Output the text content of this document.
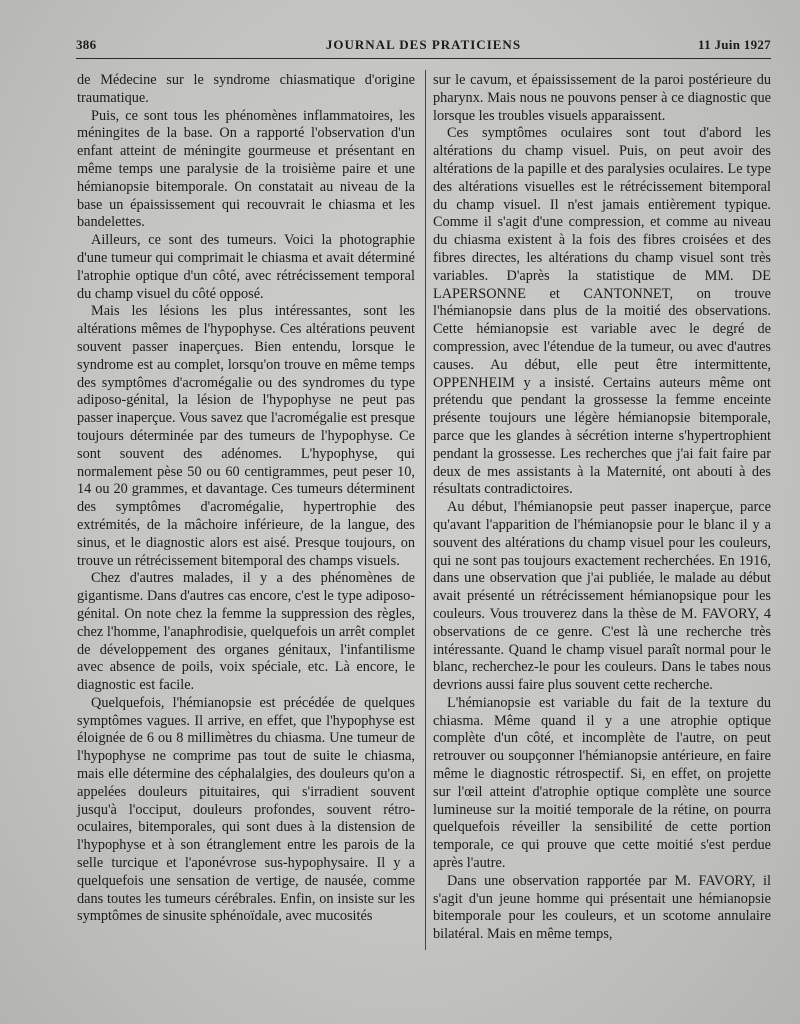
386	JOURNAL DES PRATICIENS	11 Juin 1927

de Médecine sur le syndrome chiasmatique d'origine traumatique.

Puis, ce sont tous les phénomènes inflammatoires, les méningites de la base. On a rapporté l'observation d'un enfant atteint de méningite gourmeuse et présentant en même temps une paralysie de la troisième paire et une hémianopsie bitemporale. On constatait au niveau de la base un épaississement qui recouvrait le chiasma et les bandelettes.

Ailleurs, ce sont des tumeurs. Voici la photographie d'une tumeur qui comprimait le chiasma et avait déterminé l'atrophie optique d'un côté, avec rétrécissement temporal du champ visuel du côté opposé.

Mais les lésions les plus intéressantes, sont les altérations mêmes de l'hypophyse. Ces altérations peuvent souvent passer inaperçues. Bien entendu, lorsque le syndrome est au complet, lorsqu'on trouve en même temps des symptômes d'acromégalie ou des syndromes du type adiposo-génital, la lésion de l'hypophyse ne peut pas passer inaperçue. Vous savez que l'acromégalie est presque toujours déterminée par des tumeurs de l'hypophyse. Ce sont souvent des adénomes. L'hypophyse, qui normalement pèse 50 ou 60 centigrammes, peut peser 10, 14 ou 20 grammes, et davantage. Ces tumeurs déterminent des symptômes d'acromégalie, hypertrophie des extrémités, de la mâchoire inférieure, de la langue, des sinus, et le diagnostic alors est aisé. Presque toujours, on trouve un rétrécissement bitemporal des champs visuels.

Chez d'autres malades, il y a des phénomènes de gigantisme. Dans d'autres cas encore, c'est le type adiposo-génital. On note chez la femme la suppression des règles, chez l'homme, l'anaphrodisie, quelquefois un arrêt complet de développement des organes génitaux, l'infantilisme avec absence de poils, voix spéciale, etc. Là encore, le diagnostic est facile.

Quelquefois, l'hémianopsie est précédée de quelques symptômes vagues. Il arrive, en effet, que l'hypophyse est éloignée de 6 ou 8 millimètres du chiasma. Une tumeur de l'hypophyse ne comprime pas tout de suite le chiasma, mais elle détermine des céphalalgies, des douleurs qu'on a appelées douleurs pituitaires, qui s'irradient souvent jusqu'à l'occiput, douleurs profondes, souvent rétro-oculaires, bitemporales, qui sont dues à la distension de l'hypophyse et à son étranglement entre les parois de la selle turcique et l'aponévrose sus-hypophysaire. Il y a quelquefois une sensation de vertige, de nausée, comme dans toutes les tumeurs cérébrales. Enfin, on insiste sur les symptômes de sinusite sphénoïdale, avec mucosités

sur le cavum, et épaississement de la paroi postérieure du pharynx. Mais nous ne pouvons penser à ce diagnostic que lorsque les troubles visuels apparaissent.

Ces symptômes oculaires sont tout d'abord les altérations du champ visuel. Puis, on peut avoir des altérations de la papille et des paralysies oculaires. Le type des altérations visuelles est le rétrécissement bitemporal du champ visuel. Il n'est jamais entièrement typique. Comme il s'agit d'une compression, et comme au niveau du chiasma existent à la fois des fibres croisées et des fibres directes, les altérations du champ visuel sont très variables. D'après la statistique de MM. DE LAPERSONNE et CANTONNET, on trouve l'hémianopsie dans plus de la moitié des observations. Cette hémianopsie est variable avec le degré de compression, avec l'étendue de la tumeur, ou avec d'autres causes. Au début, elle peut être intermittente, OPPENHEIM y a insisté. Certains auteurs même ont prétendu que pendant la grossesse la femme enceinte présente toujours une légère hémianopsie bitemporale, parce que les glandes à sécrétion interne s'hypertrophient pendant la grossesse. Les recherches que j'ai fait faire par deux de mes assistants à la Maternité, ont abouti à des résultats contradictoires.

Au début, l'hémianopsie peut passer inaperçue, parce qu'avant l'apparition de l'hémianopsie pour le blanc il y a souvent des altérations du champ visuel pour les couleurs, qui ne sont pas toujours exactement recherchées. En 1916, dans une observation que j'ai publiée, le malade au début avait présenté un rétrécissement hémianopsique pour les couleurs. Vous trouverez dans la thèse de M. FAVORY, 4 observations de ce genre. C'est là une recherche très intéressante. Quand le champ visuel paraît normal pour le blanc, recherchez-le pour les couleurs. Dans le tabes nous devrions aussi faire plus souvent cette recherche.

L'hémianopsie est variable du fait de la texture du chiasma. Même quand il y a une atrophie optique complète d'un côté, et incomplète de l'autre, on peut retrouver ou soupçonner l'hémianopsie antérieure, en faire même le diagnostic rétrospectif. Si, en effet, on projette sur l'œil atteint d'atrophie optique complète une source lumineuse sur la moitié temporale de la rétine, on pourra quelquefois réveiller la sensibilité de cette portion temporale, ce qui prouve que cette moitié s'est perdue après l'autre.

Dans une observation rapportée par M. FAVORY, il s'agit d'un jeune homme qui présentait une hémianopsie bitemporale pour les couleurs, et un scotome annulaire bilatéral. Mais en même temps,
